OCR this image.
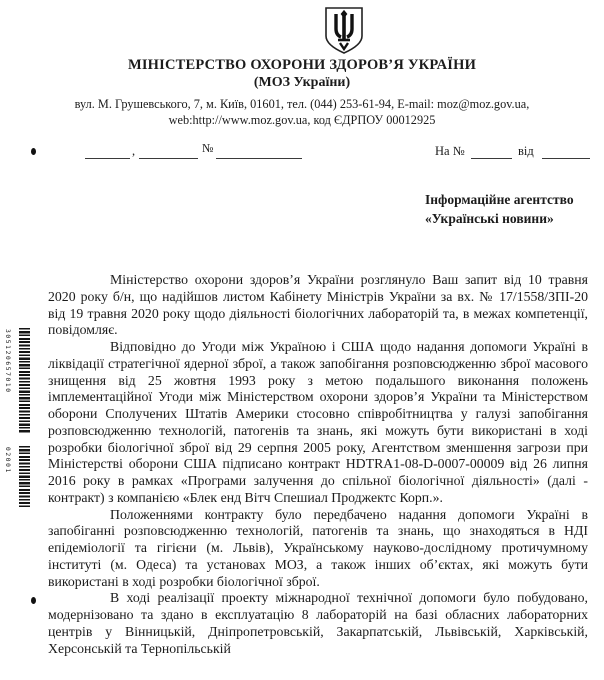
МІНІСТЕРСТВО ОХОРОНИ ЗДОРОВ’Я УКРАЇНИ
(МОЗ України)
вул. М. Грушевського, 7, м. Київ, 01601, тел. (044) 253-61-94, E-mail: moz@moz.gov.ua,
web:http://www.moz.gov.ua, код ЄДРПОУ 00012925
,	№	На №	від
Інформаційне агентство
«Українські новини»
305120657010
02001

Міністерство охорони здоров’я України розглянуло Ваш запит від 10 травня 2020 року б/н, що надійшов листом Кабінету Міністрів України за вх. № 17/1558/ЗПІ-20 від 19 травня 2020 року щодо діяльності біологічних лабораторій та, в межах компетенції, повідомляє.

Відповідно до Угоди між Україною і США щодо надання допомоги Україні в ліквідації стратегічної ядерної зброї, а також запобігання розповсюдженню зброї масового знищення від 25 жовтня 1993 року з метою подальшого виконання положень імплементаційної Угоди між Міністерством охорони здоров’я України та Міністерством оборони Сполучених Штатів Америки стосовно співробітництва у галузі запобігання розповсюдженню технологій, патогенів та знань, які можуть бути використані в ході розробки біологічної зброї від 29 серпня 2005 року, Агентством зменшення загрози при Міністерстві оборони США підписано контракт HDTRA1-08-D-0007-00009 від 26 липня 2016 року в рамках «Програми залучення до спільної біологічної діяльності» (далі - контракт) з компанією «Блек енд Вітч Спешиал Проджектс Корп.».

Положеннями контракту було передбачено надання допомоги Україні в запобіганні розповсюдженню технологій, патогенів та знань, що знаходяться в НДІ епідеміології та гігієни (м. Львів), Українському науково-дослідному протичумному інституті (м. Одеса) та установах МОЗ, а також інших об’єктах, які можуть бути використані в ході розробки біологічної зброї.

В ході реалізації проекту міжнародної технічної допомоги було побудовано, модернізовано та здано в експлуатацію 8 лабораторій на базі обласних лабораторних центрів у Вінницькій, Дніпропетровській, Закарпатській, Львівській, Харківській, Херсонській та Тернопільській
